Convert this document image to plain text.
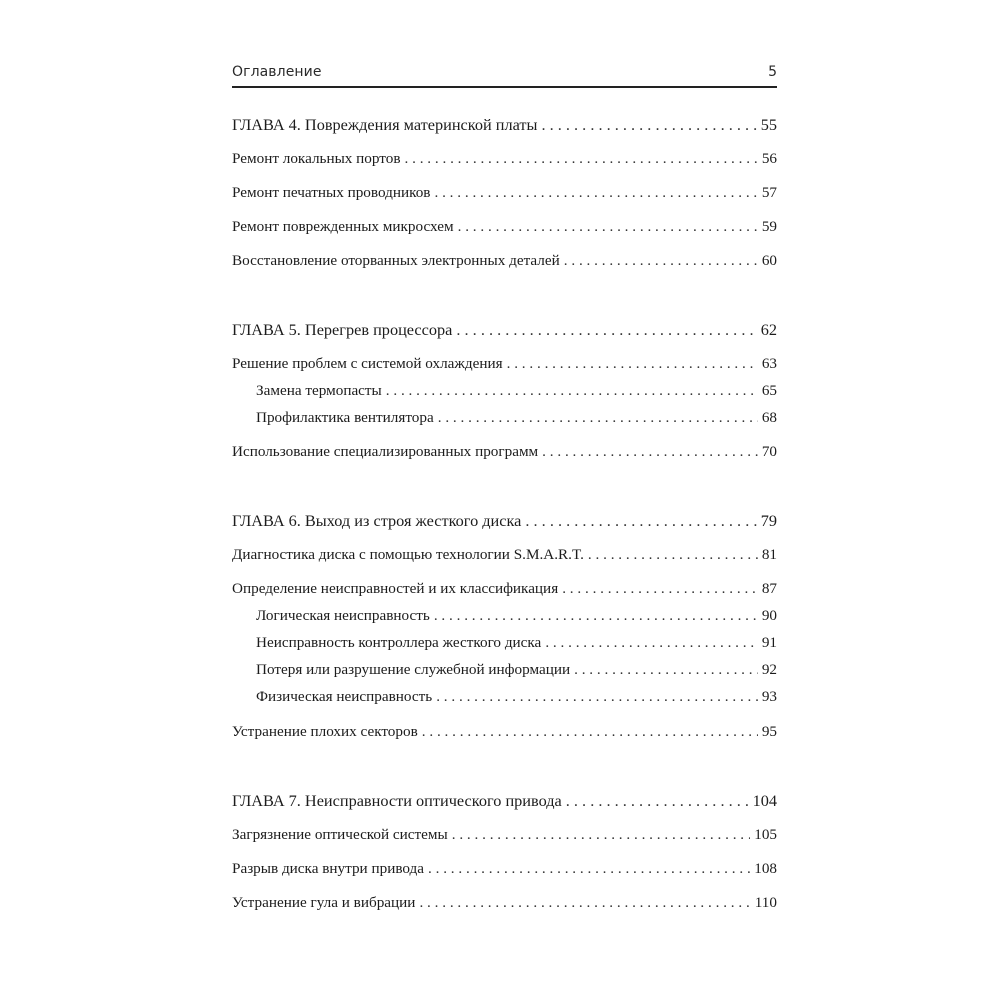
Оглавление	5
ГЛАВА 4. Повреждения материнской платы . . .	55
Ремонт локальных портов . . .	56
Ремонт печатных проводников . . .	57
Ремонт поврежденных микросхем . . .	59
Восстановление оторванных электронных деталей . . .	60
ГЛАВА 5. Перегрев процессора . . .	62
Решение проблем с системой охлаждения . . .	63
Замена термопасты . . .	65
Профилактика вентилятора . . .	68
Использование специализированных программ . . .	70
ГЛАВА 6. Выход из строя жесткого диска . . .	79
Диагностика диска с помощью технологии S.M.A.R.T. . . .	81
Определение неисправностей и их классификация . . .	87
Логическая неисправность . . .	90
Неисправность контроллера жесткого диска . . .	91
Потеря или разрушение служебной информации . . .	92
Физическая неисправность . . .	93
Устранение плохих секторов . . .	95
ГЛАВА 7. Неисправности оптического привода . . .	104
Загрязнение оптической системы . . .	105
Разрыв диска внутри привода . . .	108
Устранение гула и вибрации . . .	110
